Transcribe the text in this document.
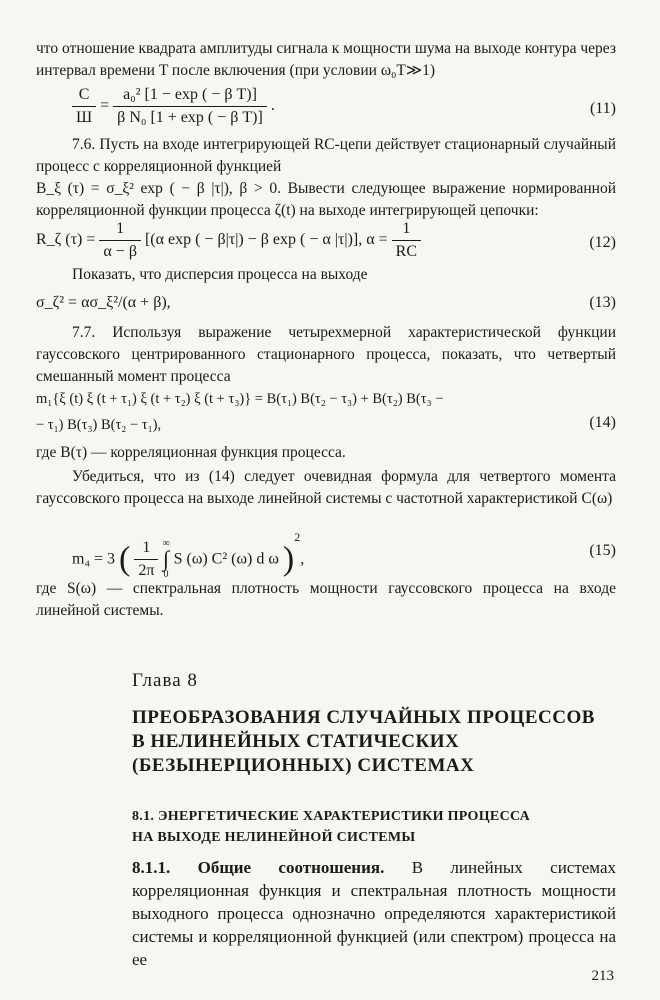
что отношение квадрата амплитуды сигнала к мощности шума на выходе контура через интервал времени T после включения (при условии ω₀T≫1)
$\frac{С}{Ш} = \frac{\text{a₀² [1 − exp ( − β T)]}}{\text{β N₀ [1 + exp ( − β T)]}}$ .	(11)
7.6. Пусть на входе интегрирующей RC-цепи действует стационарный случайный процесс с корреляционной функцией
B_ξ (τ) = σ_ξ² exp ( − β |τ|), β > 0. Вывести следующее выражение нормированной корреляционной функции процесса ζ(t) на выходе интегрирующей цепочки:
R_ζ $(\tau) = \frac{1}{\alpha - \beta} [(\alpha$ exp ( − β|τ|) − β exp ( − α |τ|)], $\alpha = \frac{1}{RC}$	(12)
Показать, что дисперсия процесса на выходе
σ_ζ² = ασ_ξ²/(α + β),	(13)
7.7. Используя выражение четырехмерной характеристической функции гауссовского центрированного стационарного процесса, показать, что четвертый смешанный момент процесса
m₁{ξ (t) ξ (t + τ₁) ξ (t + τ₂) ξ (t + τ₃)} = B(τ₁) B(τ₂ − τ₃) + B(τ₂) B(τ₃ −
− τ₁) B(τ₃) B(τ₂ − τ₁),	(14)
где B(τ) — корреляционная функция процесса.
Убедиться, что из (14) следует очевидная формула для четвертого момента гауссовского процесса на выходе линейной системы с частотной характеристикой C(ω)
m₄ = 3 ( $\frac{1}{2\pi}$
∞
∫
0
S (ω) C² (ω) d ω )$^2$,	(15)
где S(ω) — спектральная плотность мощности гауссовского процесса на входе линейной системы.
Глава 8
ПРЕОБРАЗОВАНИЯ СЛУЧАЙНЫХ ПРОЦЕССОВ
В НЕЛИНЕЙНЫХ СТАТИЧЕСКИХ
(БЕЗЫНЕРЦИОННЫХ) СИСТЕМАХ
8.1. ЭНЕРГЕТИЧЕСКИЕ ХАРАКТЕРИСТИКИ ПРОЦЕССА
НА ВЫХОДЕ НЕЛИНЕЙНОЙ СИСТЕМЫ
8.1.1. Общие соотношения. В линейных системах корреляционная функция и спектральная плотность мощности выходного процесса однозначно определяются характеристикой системы и корреляционной функцией (или спектром) процесса на ее
213
